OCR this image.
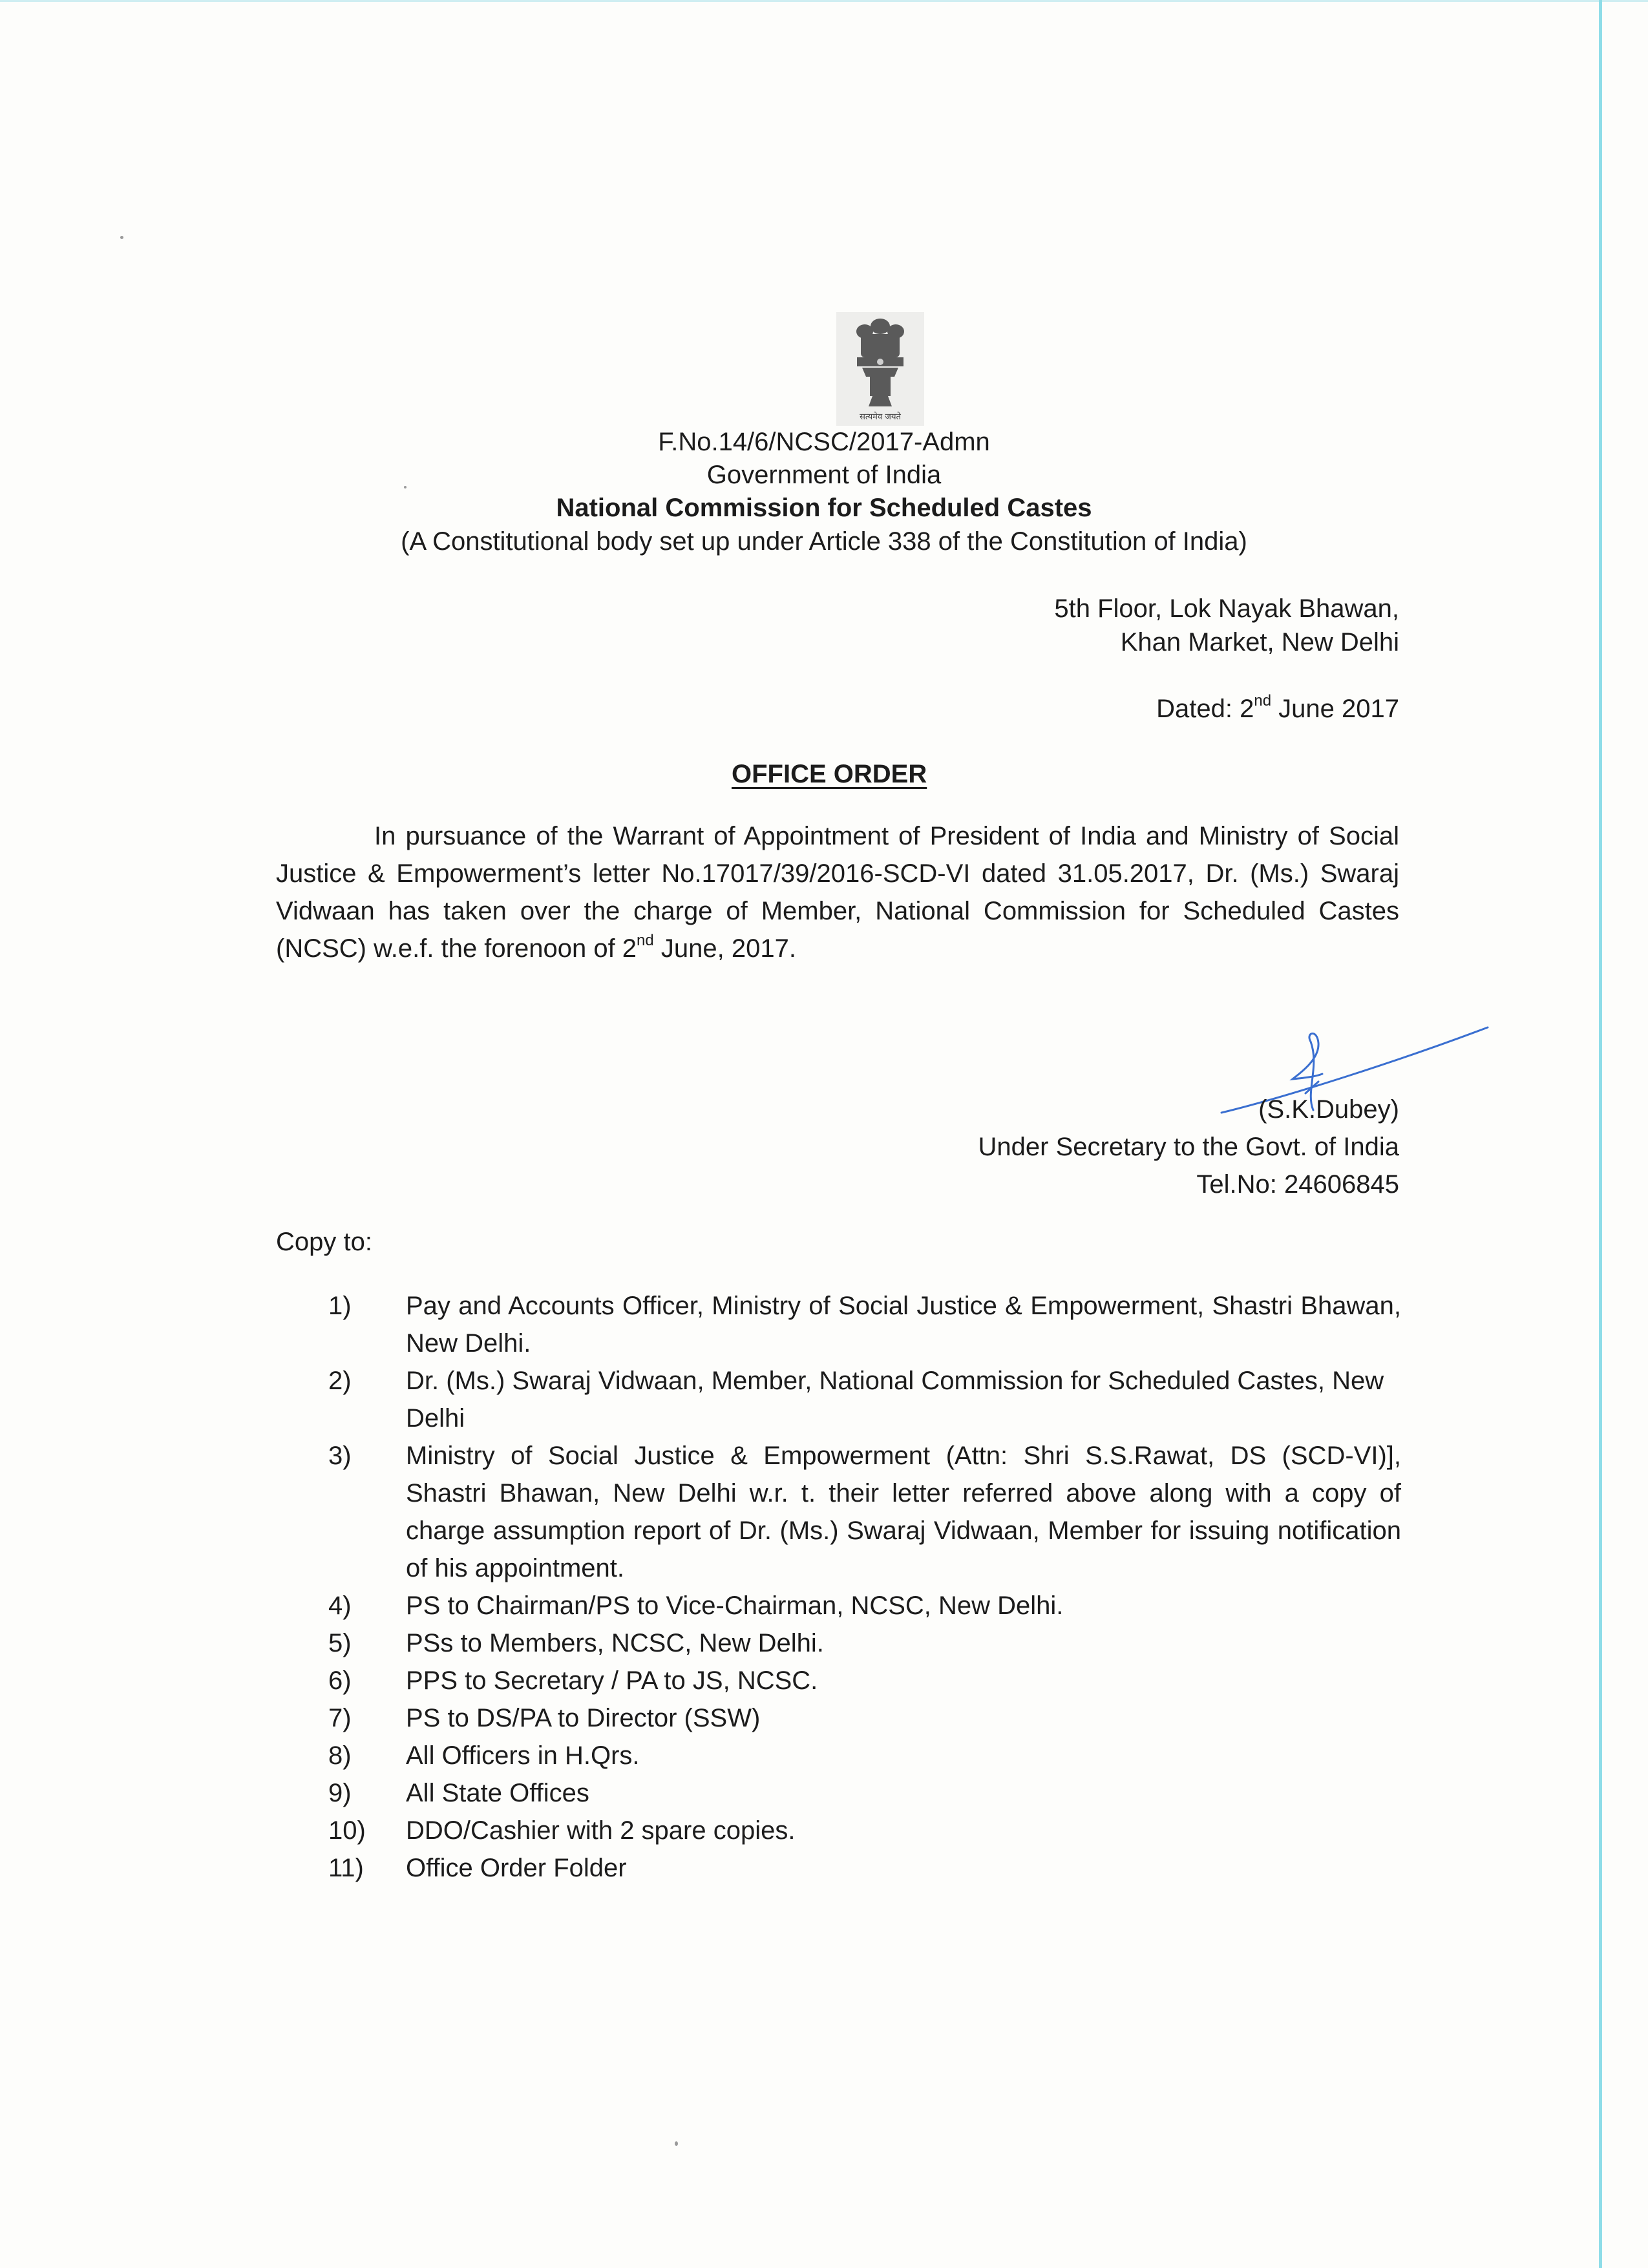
सत्यमेव जयते
F.No.14/6/NCSC/2017-Admn
Government of India
National Commission for Scheduled Castes
(A Constitutional body set up under Article 338 of the Constitution of India)
5th Floor, Lok Nayak Bhawan,
Khan Market, New Delhi
Dated: 2nd June 2017
OFFICE ORDER

In pursuance of the Warrant of Appointment of President of India and Ministry of Social Justice & Empowerment’s letter No.17017/39/2016-SCD-VI dated 31.05.2017, Dr. (Ms.) Swaraj Vidwaan has taken over the charge of Member, National Commission for Scheduled Castes (NCSC) w.e.f. the forenoon of 2nd June, 2017.

(S.K.Dubey)
Under Secretary to the Govt. of India
Tel.No: 24606845
Copy to:
1)	Pay and Accounts Officer, Ministry of Social Justice & Empowerment, Shastri Bhawan, New Delhi.
2)	Dr. (Ms.) Swaraj Vidwaan, Member, National Commission for Scheduled Castes, New Delhi
3)	Ministry of Social Justice & Empowerment (Attn: Shri S.S.Rawat, DS (SCD-VI)], Shastri Bhawan, New Delhi w.r. t. their letter referred above along with a copy of charge assumption report of Dr. (Ms.) Swaraj Vidwaan, Member for issuing notification of his appointment.
4)	PS to Chairman/PS to Vice-Chairman, NCSC, New Delhi.
5)	PSs to Members, NCSC, New Delhi.
6)	PPS to Secretary / PA to JS, NCSC.
7)	PS to DS/PA to Director (SSW)
8)	All Officers in H.Qrs.
9)	All State Offices
10)	DDO/Cashier with 2 spare copies.
11)	Office Order Folder
